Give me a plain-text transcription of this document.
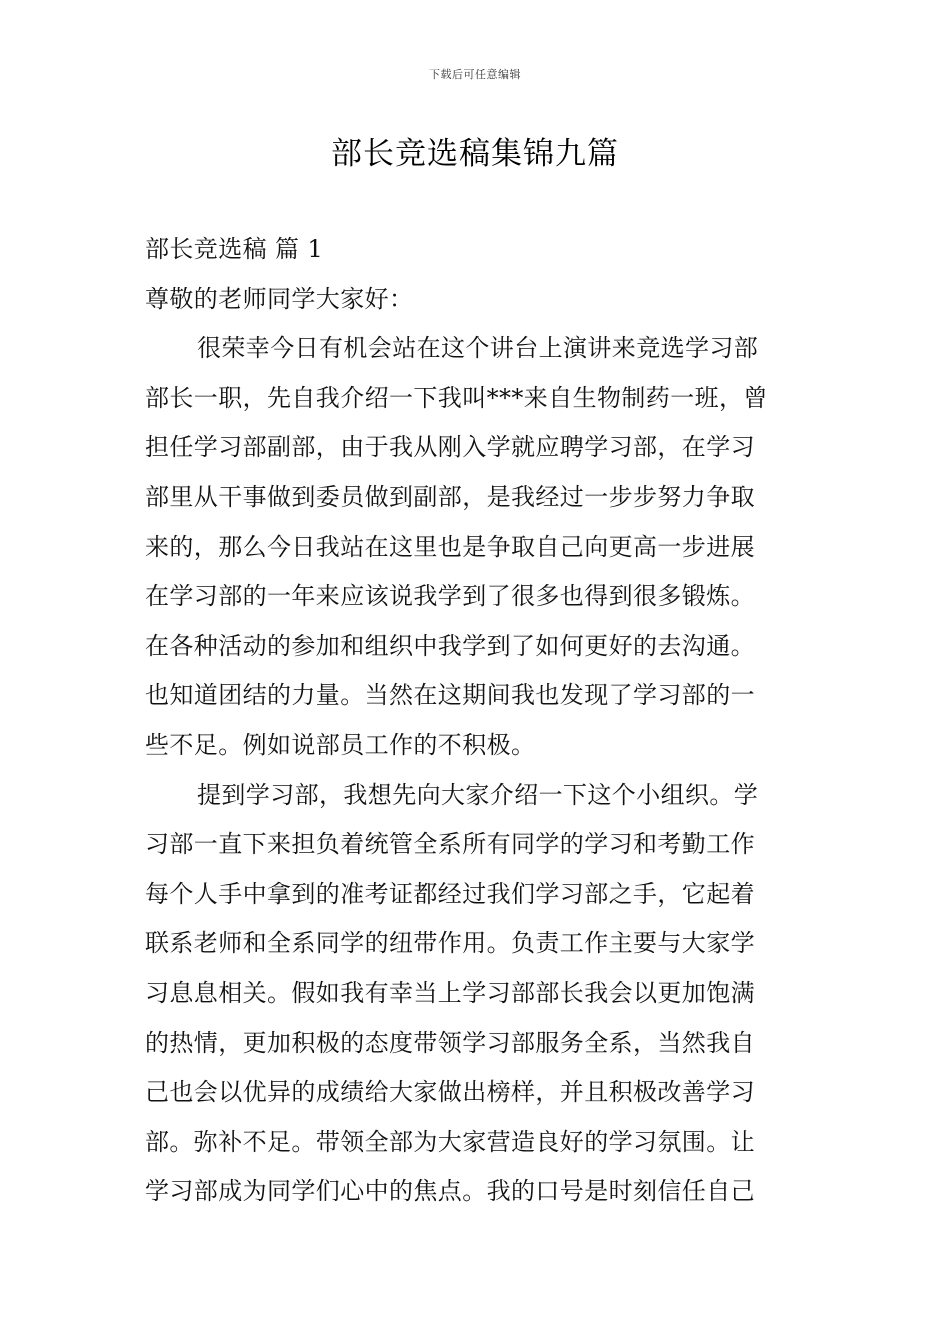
下载后可任意编辑
部长竞选稿集锦九篇
部长竞选稿 篇 1
尊敬的老师同学大家好：
很荣幸今日有机会站在这个讲台上演讲来竞选学习部
部长一职，先自我介绍一下我叫***来自生物制药一班，曾
担任学习部副部，由于我从刚入学就应聘学习部，在学习
部里从干事做到委员做到副部，是我经过一步步努力争取
来的，那么今日我站在这里也是争取自己向更高一步进展
在学习部的一年来应该说我学到了很多也得到很多锻炼。
在各种活动的参加和组织中我学到了如何更好的去沟通。
也知道团结的力量。当然在这期间我也发现了学习部的一
些不足。例如说部员工作的不积极。
提到学习部，我想先向大家介绍一下这个小组织。学
习部一直下来担负着统管全系所有同学的学习和考勤工作
每个人手中拿到的准考证都经过我们学习部之手，它起着
联系老师和全系同学的纽带作用。负责工作主要与大家学
习息息相关。假如我有幸当上学习部部长我会以更加饱满
的热情，更加积极的态度带领学习部服务全系，当然我自
己也会以优异的成绩给大家做出榜样，并且积极改善学习
部。弥补不足。带领全部为大家营造良好的学习氛围。让
学习部成为同学们心中的焦点。我的口号是时刻信任自己
